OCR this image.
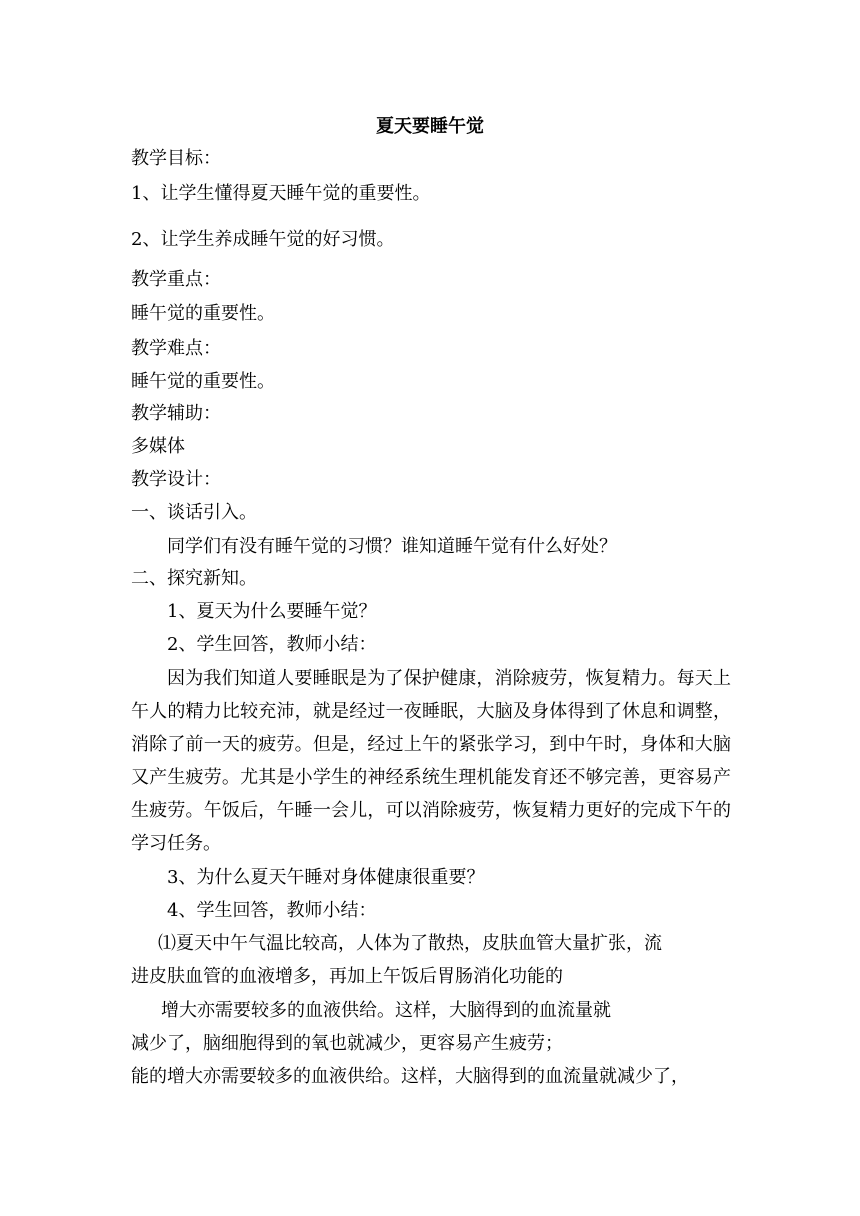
夏天要睡午觉
教学目标：
1、让学生懂得夏天睡午觉的重要性。
2、让学生养成睡午觉的好习惯。
教学重点：
睡午觉的重要性。
教学难点：
睡午觉的重要性。
教学辅助：
多媒体
教学设计：
一、谈话引入。
同学们有没有睡午觉的习惯？谁知道睡午觉有什么好处？
二、探究新知。
1、夏天为什么要睡午觉？
2、学生回答，教师小结：
因为我们知道人要睡眠是为了保护健康，消除疲劳，恢复精力。每天上午人的精力比较充沛，就是经过一夜睡眠，大脑及身体得到了休息和调整，消除了前一天的疲劳。但是，经过上午的紧张学习，到中午时，身体和大脑又产生疲劳。尤其是小学生的神经系统生理机能发育还不够完善，更容易产生疲劳。午饭后，午睡一会儿，可以消除疲劳，恢复精力更好的完成下午的学习任务。
3、为什么夏天午睡对身体健康很重要？
4、学生回答，教师小结：
⑴夏天中午气温比较高，人体为了散热，皮肤血管大量扩张，流
进皮肤血管的血液增多，再加上午饭后胃肠消化功能的
增大亦需要较多的血液供给。这样，大脑得到的血流量就
减少了，脑细胞得到的氧也就减少，更容易产生疲劳；
能的增大亦需要较多的血液供给。这样，大脑得到的血流量就减少了，
